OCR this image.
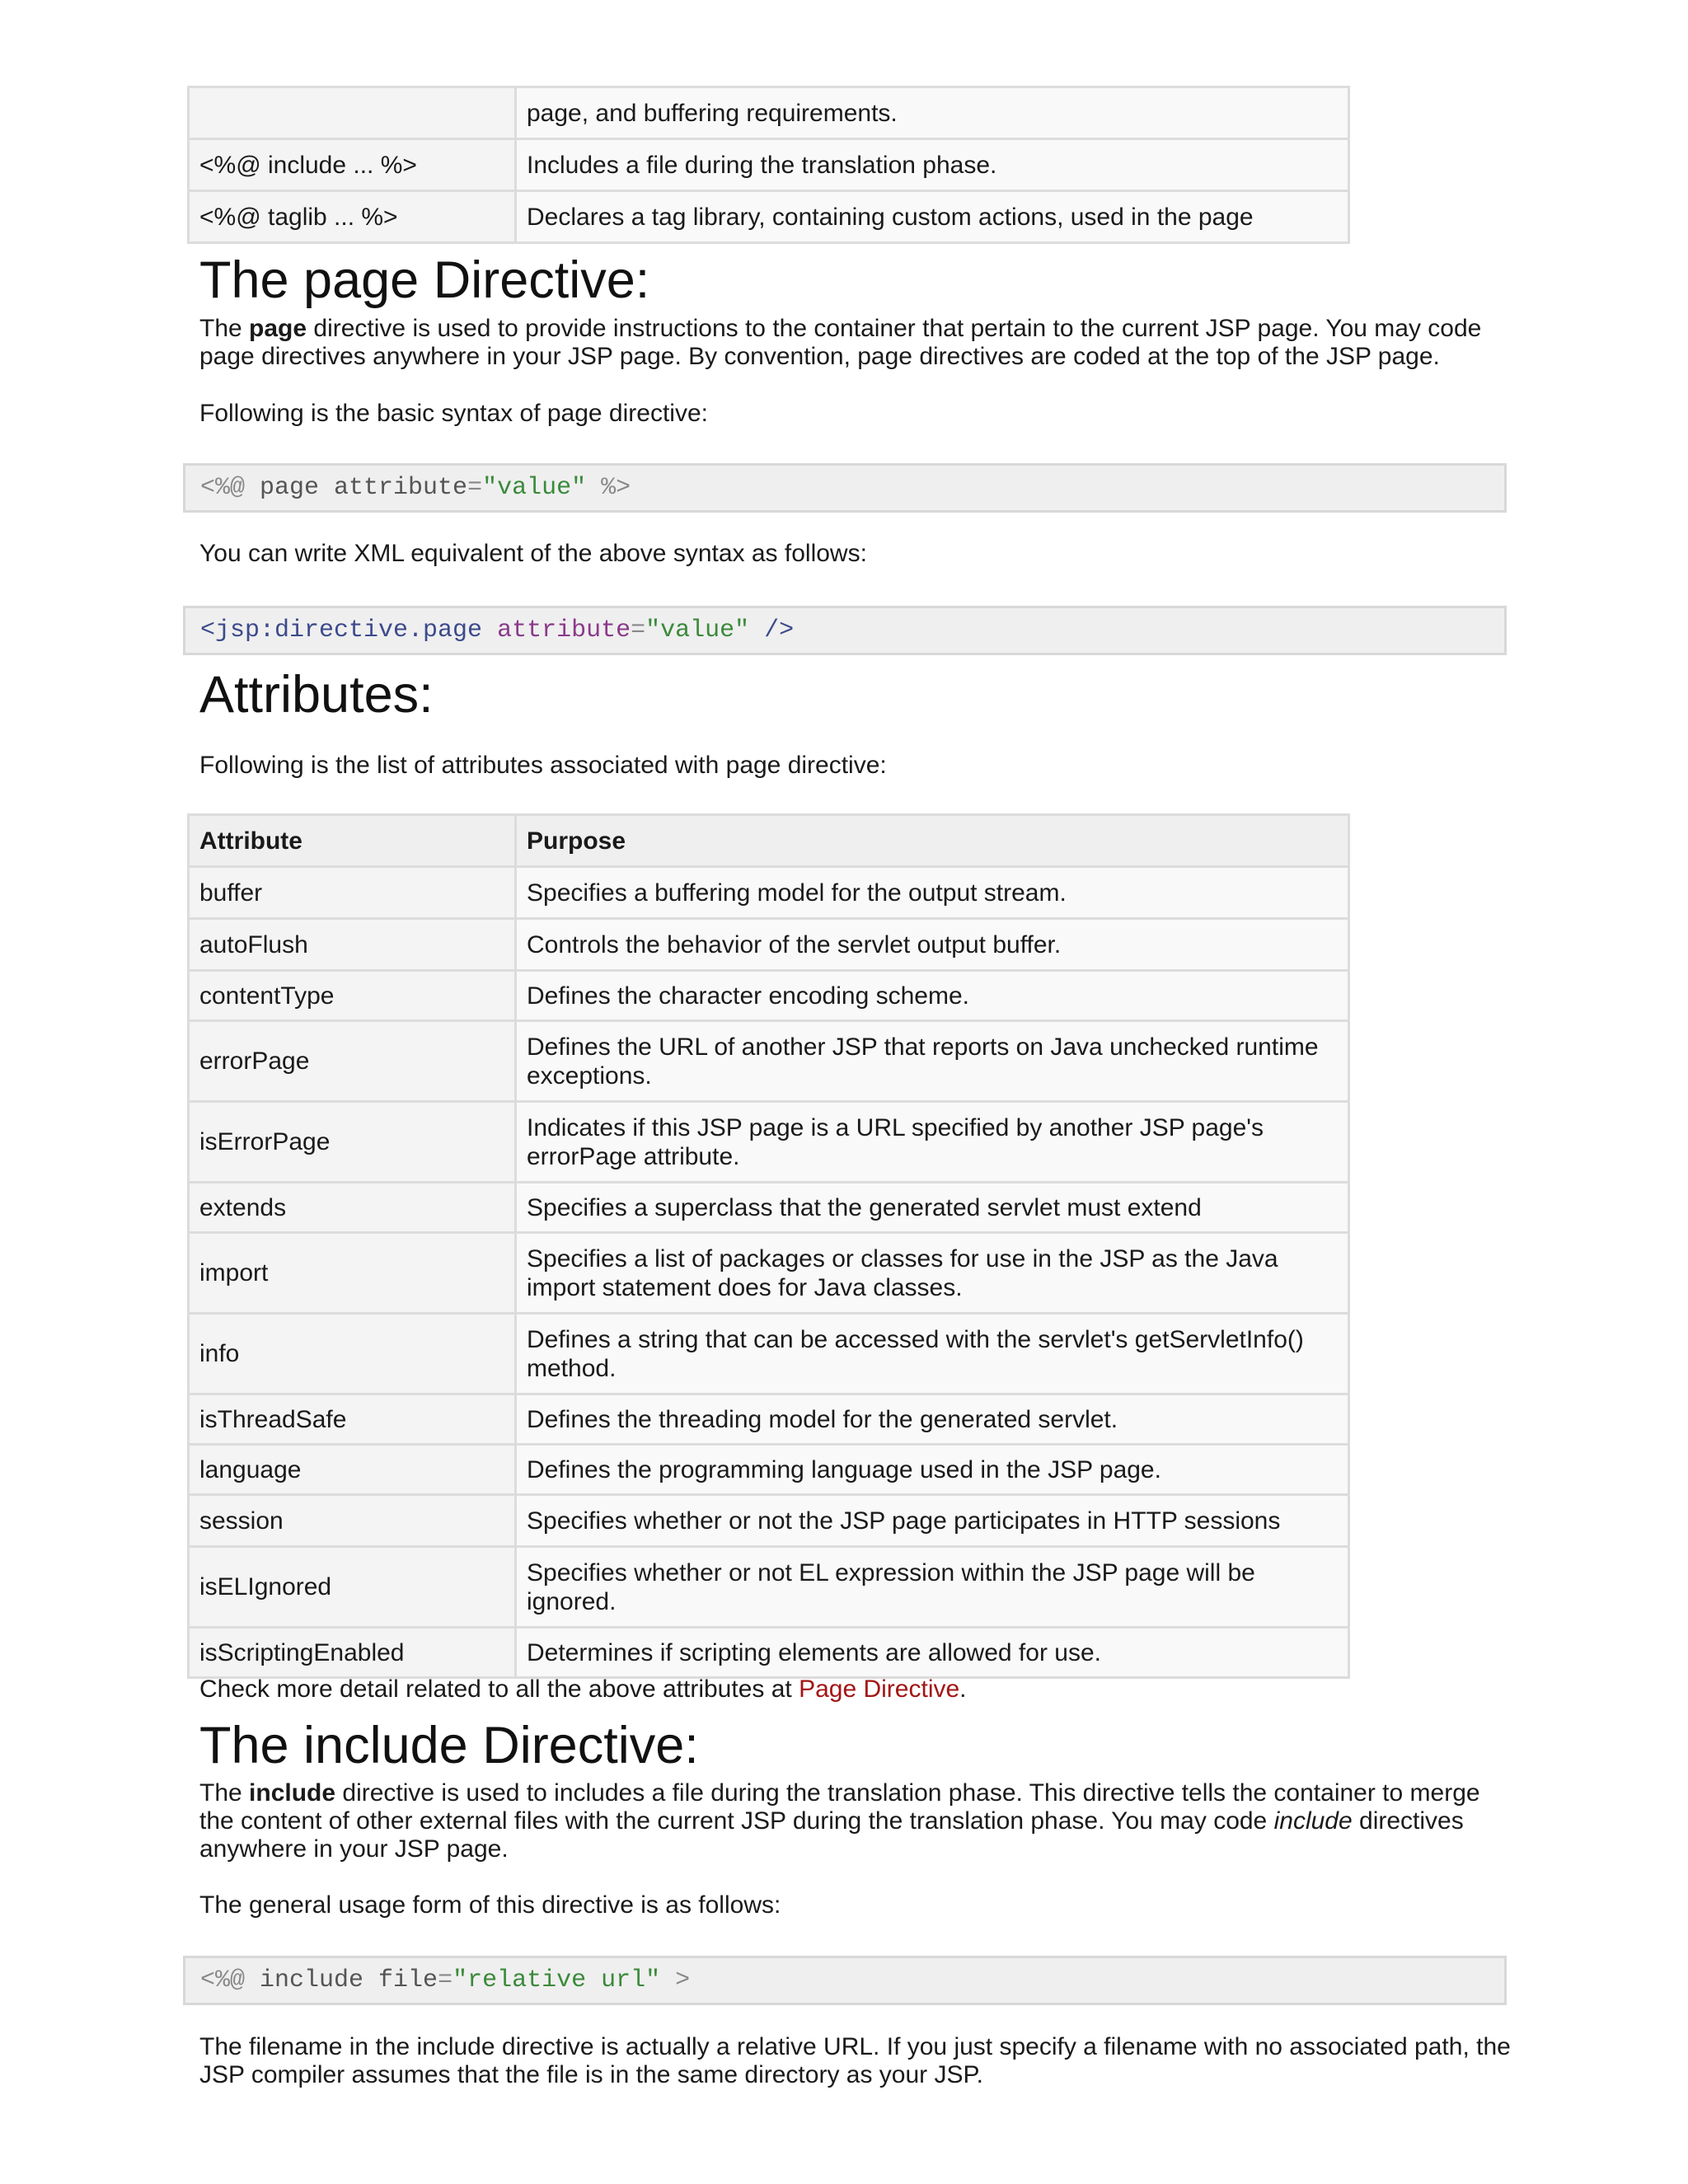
	page, and buffering requirements.
<%@ include ... %>	Includes a file during the translation phase.
<%@ taglib ... %>	Declares a tag library, containing custom actions, used in the page
The page Directive:

The page directive is used to provide instructions to the container that pertain to the current JSP page. You may code page directives anywhere in your JSP page. By convention, page directives are coded at the top of the JSP page.

Following is the basic syntax of page directive:

<%@ page attribute="value" %>

You can write XML equivalent of the above syntax as follows:

<jsp:directive.page attribute="value" />
Attributes:

Following is the list of attributes associated with page directive:

Attribute	Purpose
buffer	Specifies a buffering model for the output stream.
autoFlush	Controls the behavior of the servlet output buffer.
contentType	Defines the character encoding scheme.
errorPage	Defines the URL of another JSP that reports on Java unchecked runtime exceptions.
isErrorPage	Indicates if this JSP page is a URL specified by another JSP page's errorPage attribute.
extends	Specifies a superclass that the generated servlet must extend
import	Specifies a list of packages or classes for use in the JSP as the Java import statement does for Java classes.
info	Defines a string that can be accessed with the servlet's getServletInfo() method.
isThreadSafe	Defines the threading model for the generated servlet.
language	Defines the programming language used in the JSP page.
session	Specifies whether or not the JSP page participates in HTTP sessions
isELIgnored	Specifies whether or not EL expression within the JSP page will be ignored.
isScriptingEnabled	Determines if scripting elements are allowed for use.

Check more detail related to all the above attributes at Page Directive.

The include Directive:

The include directive is used to includes a file during the translation phase. This directive tells the container to merge the content of other external files with the current JSP during the translation phase. You may code include directives anywhere in your JSP page.

The general usage form of this directive is as follows:

<%@ include file="relative url" >

The filename in the include directive is actually a relative URL. If you just specify a filename with no associated path, the JSP compiler assumes that the file is in the same directory as your JSP.
